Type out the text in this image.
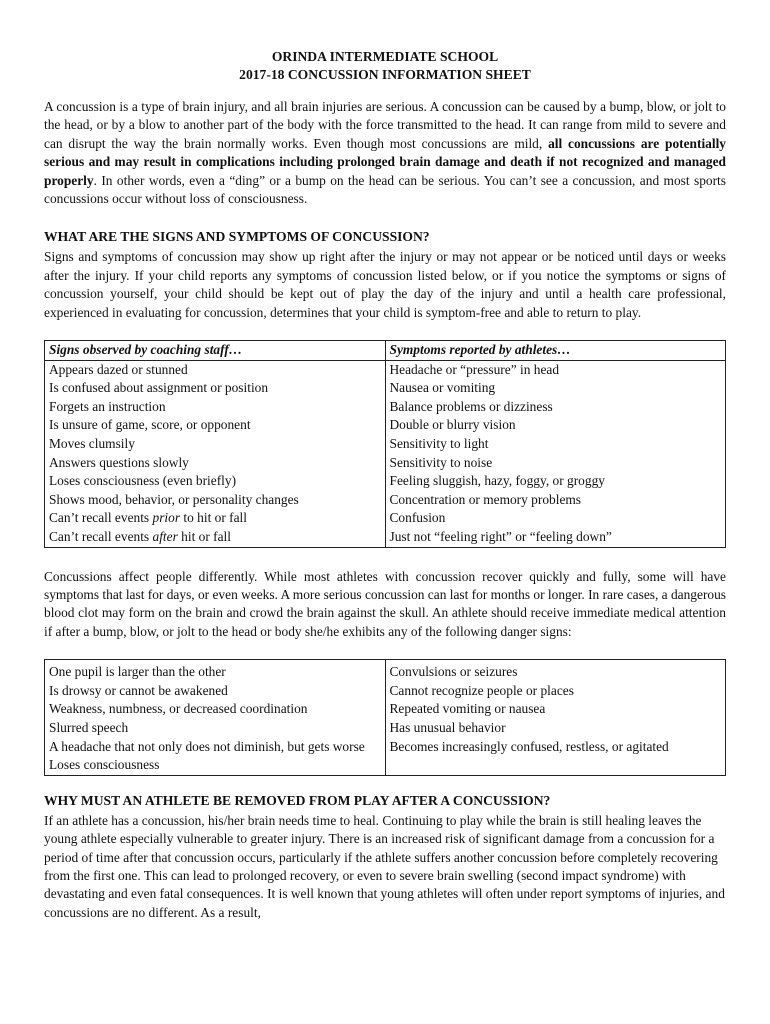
ORINDA INTERMEDIATE SCHOOL
2017-18 CONCUSSION INFORMATION SHEET

A concussion is a type of brain injury, and all brain injuries are serious. A concussion can be caused by a bump, blow, or jolt to the head, or by a blow to another part of the body with the force transmitted to the head. It can range from mild to severe and can disrupt the way the brain normally works. Even though most concussions are mild, all concussions are potentially serious and may result in complications including prolonged brain damage and death if not recognized and managed properly. In other words, even a “ding” or a bump on the head can be serious. You can’t see a concussion, and most sports concussions occur without loss of consciousness.

WHAT ARE THE SIGNS AND SYMPTOMS OF CONCUSSION?

Signs and symptoms of concussion may show up right after the injury or may not appear or be noticed until days or weeks after the injury. If your child reports any symptoms of concussion listed below, or if you notice the symptoms or signs of concussion yourself, your child should be kept out of play the day of the injury and until a health care professional, experienced in evaluating for concussion, determines that your child is symptom-free and able to return to play.

Signs observed by coaching staff…	Symptoms reported by athletes…
Appears dazed or stunned	Headache or “pressure” in head
Is confused about assignment or position	Nausea or vomiting
Forgets an instruction	Balance problems or dizziness
Is unsure of game, score, or opponent	Double or blurry vision
Moves clumsily	Sensitivity to light
Answers questions slowly	Sensitivity to noise
Loses consciousness (even briefly)	Feeling sluggish, hazy, foggy, or groggy
Shows mood, behavior, or personality changes	Concentration or memory problems
Can’t recall events prior to hit or fall	Confusion
Can’t recall events after hit or fall	Just not “feeling right” or “feeling down”

Concussions affect people differently. While most athletes with concussion recover quickly and fully, some will have symptoms that last for days, or even weeks. A more serious concussion can last for months or longer. In rare cases, a dangerous blood clot may form on the brain and crowd the brain against the skull. An athlete should receive immediate medical attention if after a bump, blow, or jolt to the head or body she/he exhibits any of the following danger signs:

One pupil is larger than the other	Convulsions or seizures
Is drowsy or cannot be awakened	Cannot recognize people or places
Weakness, numbness, or decreased coordination	Repeated vomiting or nausea
Slurred speech	Has unusual behavior
A headache that not only does not diminish, but gets worse	Becomes increasingly confused, restless, or agitated
Loses consciousness	
WHY MUST AN ATHLETE BE REMOVED FROM PLAY AFTER A CONCUSSION?

If an athlete has a concussion, his/her brain needs time to heal. Continuing to play while the brain is still healing leaves the young athlete especially vulnerable to greater injury. There is an increased risk of significant damage from a concussion for a period of time after that concussion occurs, particularly if the athlete suffers another concussion before completely recovering from the first one. This can lead to prolonged recovery, or even to severe brain swelling (second impact syndrome) with devastating and even fatal consequences. It is well known that young athletes will often under report symptoms of injuries, and concussions are no different. As a result,
